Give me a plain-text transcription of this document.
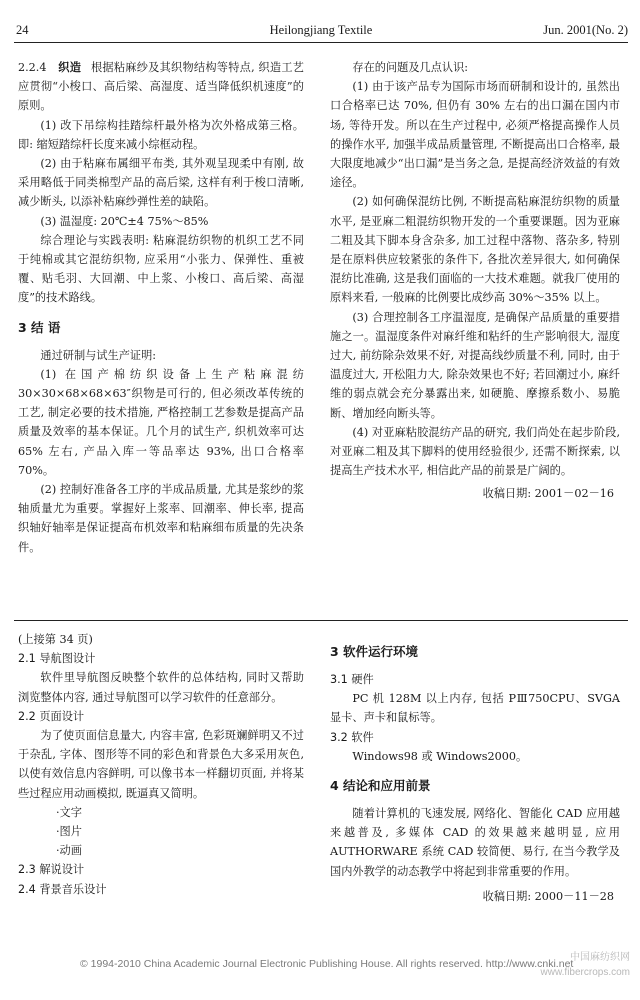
24	Heilongjiang Textile	Jun. 2001(No. 2)

2.2.4 织造 根据粘麻纱及其织物结构等特点, 织造工艺应贯彻“小梭口、高后梁、高湿度、适当降低织机速度”的原则。

(1) 改下吊综构挂踏综杆最外格为次外格成第三格。即: 缩短踏综杆长度来减小综框动程。

(2) 由于粘麻布属细平布类, 其外观呈现柔中有刚, 故采用略低于同类棉型产品的高后梁, 这样有利于梭口清晰, 减少断头, 以添补粘麻纱弹性差的缺陷。

(3) 温湿度: 20℃±4 75%～85%

综合理论与实践表明: 粘麻混纺织物的机织工艺不同于纯棉或其它混纺织物, 应采用“小张力、保弹性、重被覆、贴毛羽、大回潮、中上浆、小梭口、高后梁、高湿度”的技术路线。

3 结 语

通过研制与试生产证明:

(1) 在国产棉纺织设备上生产粘麻混纺 30×30×68×68×63″织物是可行的, 但必须改革传统的工艺, 制定必要的技术措施, 严格控制工艺参数是提高产品质量及效率的基本保证。几个月的试生产, 织机效率可达 65% 左右, 产品入库一等品率达 93%, 出口合格率 70%。

(2) 控制好准备各工序的半成品质量, 尤其是浆纱的浆轴质量尤为重要。掌握好上浆率、回潮率、伸长率, 提高织轴好轴率是保证提高布机效率和粘麻细布质量的先决条件。

存在的问题及几点认识:

(1) 由于该产品专为国际市场而研制和设计的, 虽然出口合格率已达 70%, 但仍有 30% 左右的出口漏在国内市场, 等待开发。所以在生产过程中, 必须严格提高操作人员的操作水平, 加强半成品质量管理, 不断提高出口合格率, 最大限度地减少“出口漏”是当务之急, 是提高经济效益的有效途径。

(2) 如何确保混纺比例, 不断提高粘麻混纺织物的质量水平, 是亚麻二粗混纺织物开发的一个重要课题。因为亚麻二粗及其下脚本身含杂多, 加工过程中落物、落杂多, 特别是在原料供应较紧张的条件下, 各批次差异很大, 如何确保混纺比准确, 这是我们面临的一大技术难题。就我厂使用的原料来看, 一般麻的比例要比成纱高 30%～35% 以上。

(3) 合理控制各工序温湿度, 是确保产品质量的重要措施之一。温湿度条件对麻纤维和粘纤的生产影响很大, 湿度过大, 前纺除杂效果不好, 对提高线纱质量不利, 同时, 由于温度过大, 开松阻力大, 除杂效果也不好; 若回潮过小, 麻纤维的弱点就会充分暴露出来, 如硬脆、摩擦系数小、易脆断、增加经向断头等。

(4) 对亚麻粘胶混纺产品的研究, 我们尚处在起步阶段, 对亚麻二粗及其下脚料的使用经验很少, 还需不断探索, 以提高生产技术水平, 相信此产品的前景是广阔的。

收稿日期: 2001－02－16

(上接第 34 页)

2.1 导航图设计

软件里导航图反映整个软件的总体结构, 同时又帮助浏览整体内容, 通过导航图可以学习软件的任意部分。

2.2 页面设计

为了使页面信息量大, 内容丰富, 色彩斑斓鲜明又不过于杂乱, 字体、图形等不同的彩色和背景色大多采用灰色, 以使有效信息内容鲜明, 可以像书本一样翻切页面, 并将某些过程应用动画模拟, 既逼真又简明。

·文字

·图片

·动画

2.3 解说设计

2.4 背景音乐设计

3 软件运行环境

3.1 硬件

PC 机 128M 以上内存, 包括 PⅢ750CPU、SVGA 显卡、声卡和鼠标等。

3.2 软件

Windows98 或 Windows2000。

4 结论和应用前景

随着计算机的飞速发展, 网络化、智能化 CAD 应用越来越普及, 多媒体 CAD 的效果越来越明显, 应用 AUTHORWARE 系统 CAD 较简便、易行, 在当今教学及国内外教学的动态教学中将起到非常重要的作用。

收稿日期: 2000－11－28

© 1994-2010 China Academic Journal Electronic Publishing House. All rights reserved. http://www.cnki.net
中国麻纺织网
www.fibercrops.com
